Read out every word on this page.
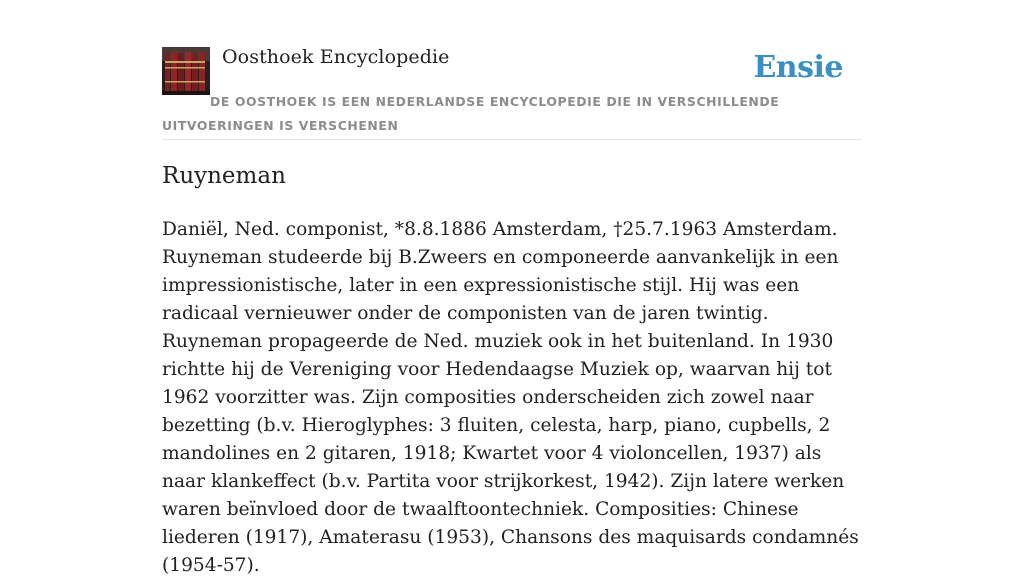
Oosthoek Encyclopedie	Ensie
DE OOSTHOEK IS EEN NEDERLANDSE ENCYCLOPEDIE DIE IN VERSCHILLENDE UITVOERINGEN IS VERSCHENEN
Ruyneman

Daniël, Ned. componist, *8.8.1886 Amsterdam, †25.7.1963 Amsterdam. Ruyneman studeerde bij B.Zweers en componeerde aanvankelijk in een impressionistische, later in een expressionistische stijl. Hij was een radicaal vernieuwer onder de componisten van de jaren twintig. Ruyneman propageerde de Ned. muziek ook in het buitenland. In 1930 richtte hij de Vereniging voor Hedendaagse Muziek op, waarvan hij tot 1962 voorzitter was. Zijn composities onderscheiden zich zowel naar bezetting (b.v. Hieroglyphes: 3 fluiten, celesta, harp, piano, cupbells, 2 mandolines en 2 gitaren, 1918; Kwartet voor 4 violoncellen, 1937) als naar klankeffect (b.v. Partita voor strijkorkest, 1942). Zijn latere werken waren beïnvloed door de twaalftoontechniek. Composities: Chinese liederen (1917), Amaterasu (1953), Chansons des maquisards condamnés (1954-57).
